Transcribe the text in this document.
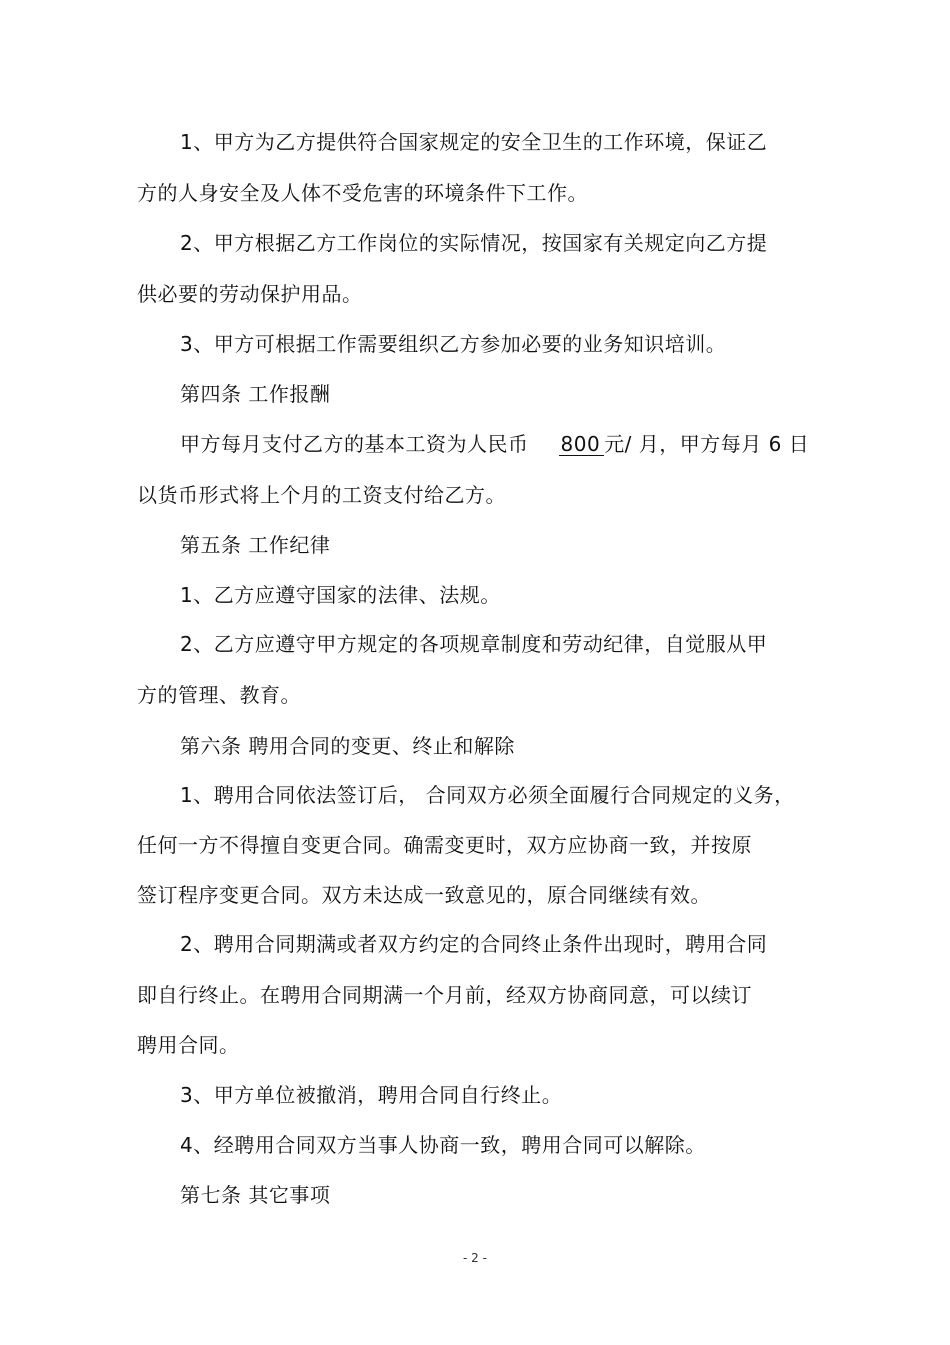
1、甲方为乙方提供符合国家规定的安全卫生的工作环境，保证乙
方的人身安全及人体不受危害的环境条件下工作。
2、甲方根据乙方工作岗位的实际情况，按国家有关规定向乙方提
供必要的劳动保护用品。
3、甲方可根据工作需要组织乙方参加必要的业务知识培训。
第四条 工作报酬
甲方每月支付乙方的基本工资为人民币 800 元/ 月，甲方每月 6 日
以货币形式将上个月的工资支付给乙方。
第五条 工作纪律
1、乙方应遵守国家的法律、法规。
2、乙方应遵守甲方规定的各项规章制度和劳动纪律，自觉服从甲
方的管理、教育。
第六条 聘用合同的变更、终止和解除
1、聘用合同依法签订后， 合同双方必须全面履行合同规定的义务，
任何一方不得擅自变更合同。确需变更时，双方应协商一致，并按原
签订程序变更合同。双方未达成一致意见的，原合同继续有效。
2、聘用合同期满或者双方约定的合同终止条件出现时，聘用合同
即自行终止。在聘用合同期满一个月前，经双方协商同意，可以续订
聘用合同。
3、甲方单位被撤消，聘用合同自行终止。
4、经聘用合同双方当事人协商一致，聘用合同可以解除。
第七条 其它事项
- 2 -
